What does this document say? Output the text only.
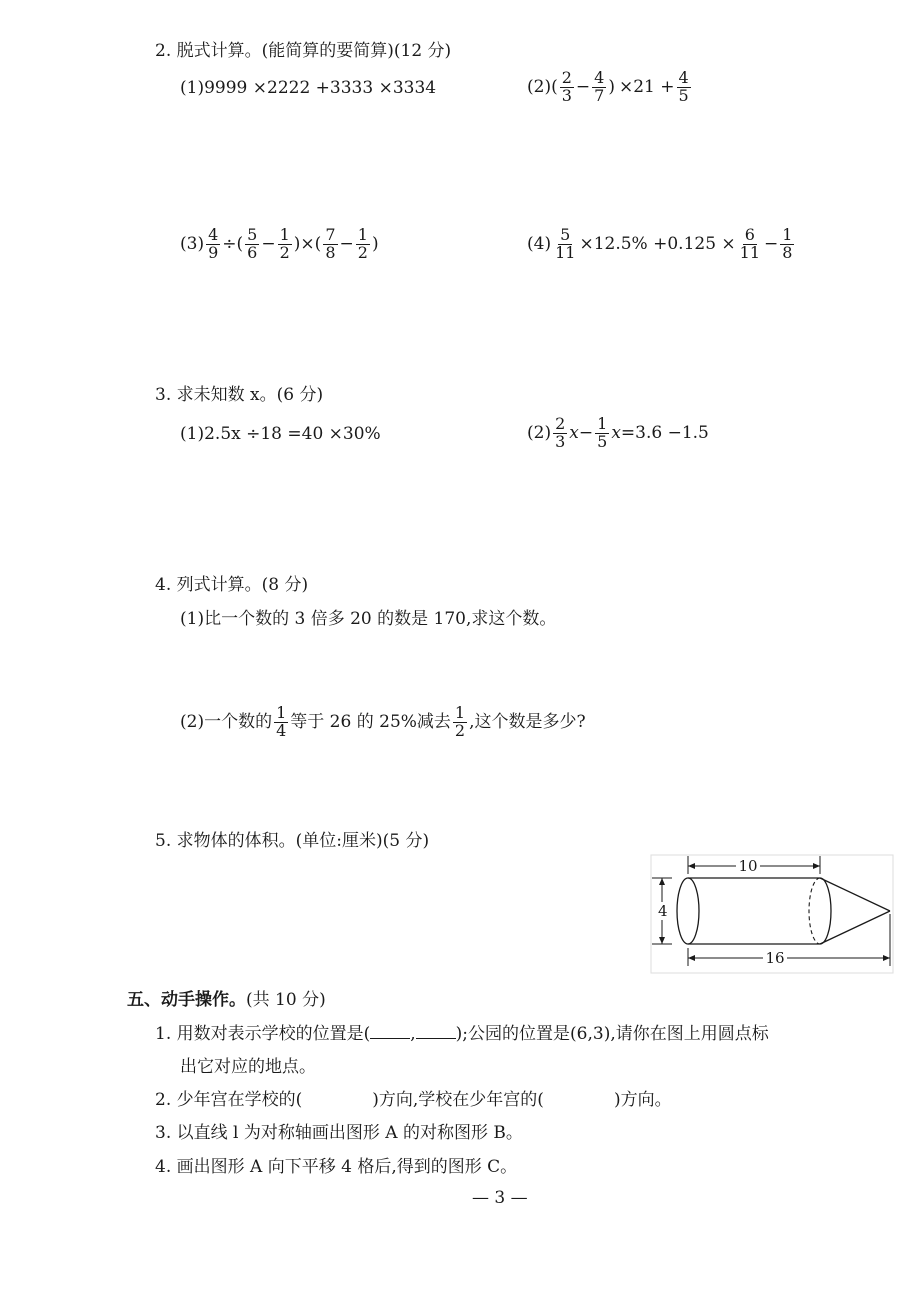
2. 脱式计算。(能简算的要简算)(12 分)
(1) 9999 ×2222 +3333 ×3334	(2) ( $\frac{2}{3} - \frac{4}{7}$ ) $\times 21 + \frac{4}{5}$
$(3) \frac{4}{9}$ ÷( $\frac{5}{6} - \frac{1}{2}$ )×( $\frac{7}{8} - \frac{1}{2}$ )	$(4) \frac{5}{11} \times 12.5\% +0.125 \times \frac{6}{11} - \frac{1}{8}$
3. 求未知数 x。(6 分)
(1) 2.5x ÷18 =40 ×30%	$(2) \frac{2}{3}$ $x - \frac{1}{5}$ x =3.6 −1.5
4. 列式计算。(8 分)
(1)比一个数的 3 倍多 20 的数是 170,求这个数。
(2)一个数的 $\frac{1}{4}$ 等于 26 的 25%减去 $\frac{1}{2}$ ,这个数是多少?
5. 求物体的体积。(单位:厘米)(5 分)
10
4
16
五、动手操作。(共 10 分)
1. 用数对表示学校的位置是( , );公园的位置是(6,3),请你在图上用圆点标
出它对应的地点。
2. 少年宫在学校的(	)方向,学校在少年宫的(	)方向。
3. 以直线 l 为对称轴画出图形 A 的对称图形 B。
4. 画出图形 A 向下平移 4 格后,得到的图形 C。
— 3 —
